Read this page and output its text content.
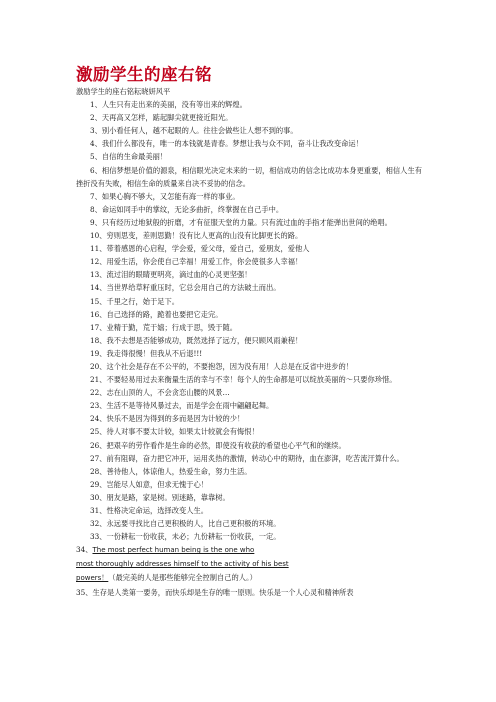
激励学生的座右铭

激励学生的座右铭耘晓妍风平

1、人生只有走出来的美丽，没有等出来的辉煌。

2、天再高又怎样，踮起脚尖就更接近阳光。

3、别小看任何人，越不起眼的人。往往会做些让人想不到的事。

4、我们什么都没有，唯一的本钱就是青春。梦想让我与众不同，奋斗让我改变命运！

5、自信的生命最美丽！

6、相信梦想是价值的源泉，相信眼光决定未来的一切，相信成功的信念比成功本身更重要，相信人生有挫折没有失败，相信生命的质量来自决不妥协的信念。

7、如果心胸不够大，又怎能有海一样的事业。

8、命运如同手中的掌纹，无论多曲折，终掌握在自己手中。

9、只有经历过地狱般的折磨，才有征服天堂的力量。只有流过血的手指才能弹出世间的绝唱。

10、穷则思变，差则思勤！没有比人更高的山没有比脚更长的路。

11、带着感恩的心启程，学会爱，爱父母，爱自己，爱朋友，爱他人

12、用爱生活，你会使自己幸福！用爱工作，你会使很多人幸福！

13、流过泪的眼睛更明亮，滴过血的心灵更坚强！

14、当世界给草籽重压时，它总会用自己的方法破土而出。

15、千里之行，始于足下。

16、自己选择的路，跪着也要把它走完。

17、业精于勤，荒于嬉；行成于思，毁于随。

18、我不去想是否能够成功，既然选择了远方，便只顾风雨兼程！

19、我走得很慢！但我从不后退!!!

20、这个社会是存在不公平的，不要抱怨，因为没有用！人总是在反省中进步的！

21、不要轻易用过去来衡量生活的幸与不幸！每个人的生命都是可以绽放美丽的～只要你珍惜。

22、志在山顶的人，不会贪恋山腰的风景…

23、生活不是等待风暴过去，而是学会在雨中翩翩起舞。

24、快乐不是因为得到的多而是因为计较的少！

25、待人对事不要太计较，如果太计较就会有悔恨！

26、把艰辛的劳作看作是生命的必然，即使没有收获的希望也心平气和的继续。

27、前有阻碍，奋力把它冲开，运用炙热的激情，转动心中的期待，血在澎湃，吃苦流汗算什么。

28、善待他人，体谅他人，热爱生命，努力生活。

29、岂能尽人如意，但求无愧于心！

30、朋友是路，家是树。别迷路，靠靠树。

31、性格决定命运，选择改变人生。

32、永远要寻找比自己更积极的人，比自己更积极的环境。

33、一份耕耘一份收获，未必；九份耕耘一份收获，一定。

34、The most perfect human being is the one who

most thoroughly addresses himself to the activity of his best

powers！（最完美的人是那些能够完全控制自己的人。）

35、生存是人类第一要务，而快乐却是生存的唯一原则。快乐是一个人心灵和精神所表
